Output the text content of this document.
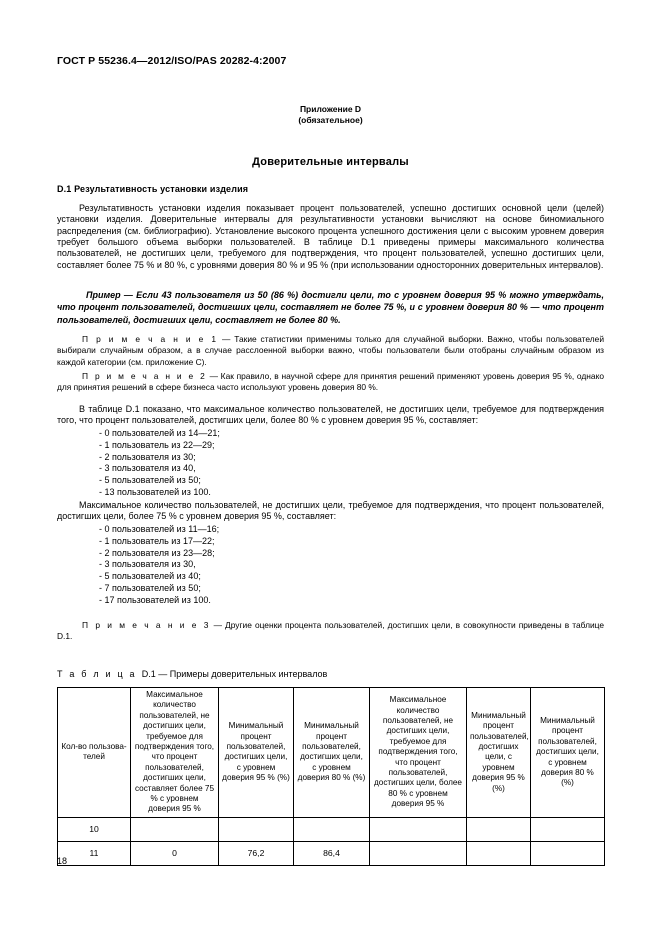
ГОСТ Р 55236.4—2012/ISO/PAS 20282-4:2007
Приложение D
(обязательное)
Доверительные интервалы
D.1 Результативность установки изделия

Результативность установки изделия показывает процент пользователей, успешно достигших основной цели (целей) установки изделия. Доверительные интервалы для результативности установки вычисляют на основе биномиального распределения (см. библиографию). Установление высокого процента успешного достижения цели с высоким уровнем доверия требует большого объема выборки пользователей. В таблице D.1 приведены примеры максимального количества пользователей, не достигших цели, требуемого для подтверждения, что процент пользователей, успешно достигших цели, составляет более 75 % и 80 %, с уровнями доверия 80 % и 95 % (при использовании односторонних доверительных интервалов).

Пример — Если 43 пользователя из 50 (86 %) достигли цели, то с уровнем доверия 95 % можно утверждать, что процент пользователей, достигших цели, составляет не более 75 %, и с уровнем доверия 80 % — что процент пользователей, достигших цели, составляет не более 80 %.

П р и м е ч а н и е 1 — Такие статистики применимы только для случайной выборки. Важно, чтобы пользователей выбирали случайным образом, а в случае расслоенной выборки важно, чтобы пользователи были отобраны случайным образом из каждой категории (см. приложение С).

П р и м е ч а н и е 2 — Как правило, в научной сфере для принятия решений применяют уровень доверия 95 %, однако для принятия решений в сфере бизнеса часто используют уровень доверия 80 %.

В таблице D.1 показано, что максимальное количество пользователей, не достигших цели, требуемое для подтверждения того, что процент пользователей, достигших цели, более 80 % с уровнем доверия 95 %, составляет:

- 0 пользователей из 14—21;
- 1 пользователь из 22—29;
- 2 пользователя из 30;
- 3 пользователя из 40,
- 5 пользователей из 50;
- 13 пользователей из 100.

Максимальное количество пользователей, не достигших цели, требуемое для подтверждения, что процент пользователей, достигших цели, более 75 % с уровнем доверия 95 %, составляет:

- 0 пользователей из 11—16;
- 1 пользователь из 17—22;
- 2 пользователя из 23—28;
- 3 пользователя из 30,
- 5 пользователей из 40;
- 7 пользователей из 50;
- 17 пользователей из 100.

П р и м е ч а н и е 3 — Другие оценки процента пользователей, достигших цели, в совокупности приведены в таблице D.1.

Т а б л и ц а D.1 — Примеры доверительных интервалов
Кол-во пользова-телей	Максимальное количество пользователей, не достигших цели, требуемое для подтверждения того, что процент пользователей, достигших цели, составляет более 75 % с уровнем доверия 95 %	Минимальный процент пользователей, достигших цели, с уровнем доверия 95 % (%)	Минимальный процент пользователей, достигших цели, с уровнем доверия 80 % (%)	Максимальное количество пользователей, не достигших цели, требуемое для подтверждения того, что процент пользователей, достигших цели, более 80 % с уровнем доверия 95 %	Минимальный процент пользователей, достигших цели, с уровнем доверия 95 % (%)	Минимальный процент пользователей, достигших цели, с уровнем доверия 80 % (%)
10						
11	0	76,2	86,4			
18
